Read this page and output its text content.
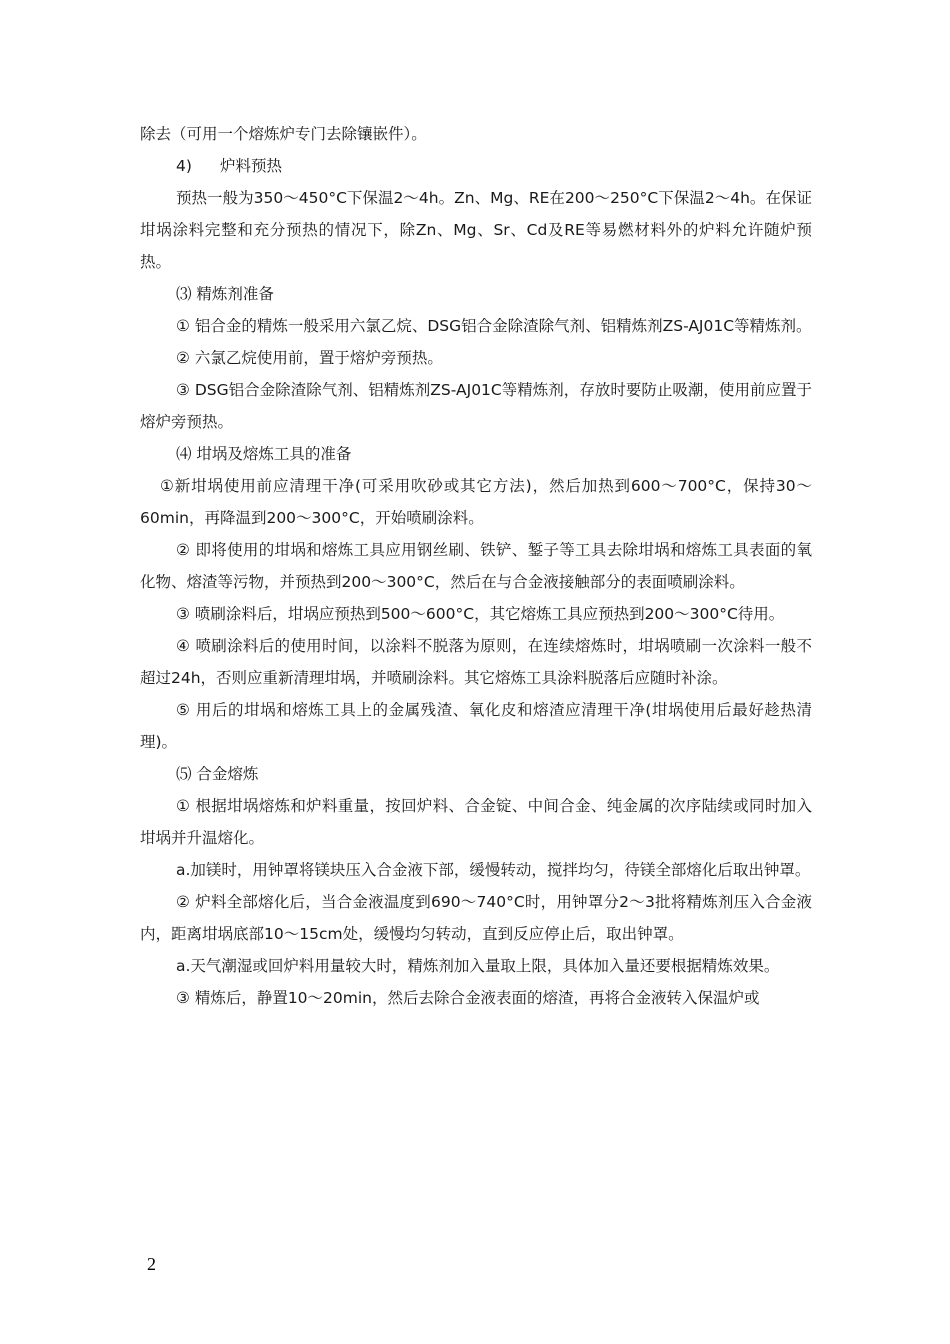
除去（可用一个熔炼炉专门去除镶嵌件）。

4) 炉料预热

预热一般为350～450°C下保温2～4h。Zn、Mg、RE在200～250°C下保温2～4h。在保证坩埚涂料完整和充分预热的情况下，除Zn、Mg、Sr、Cd及RE等易燃材料外的炉料允许随炉预热。

⑶ 精炼剂准备

① 铝合金的精炼一般采用六氯乙烷、DSG铝合金除渣除气剂、铝精炼剂ZS-AJ01C等精炼剂。

② 六氯乙烷使用前，置于熔炉旁预热。

③ DSG铝合金除渣除气剂、铝精炼剂ZS-AJ01C等精炼剂，存放时要防止吸潮，使用前应置于熔炉旁预热。

⑷ 坩埚及熔炼工具的准备

①新坩埚使用前应清理干净(可采用吹砂或其它方法)，然后加热到600～700°C，保持30～60min，再降温到200～300°C，开始喷刷涂料。

② 即将使用的坩埚和熔炼工具应用钢丝刷、铁铲、錾子等工具去除坩埚和熔炼工具表面的氧化物、熔渣等污物，并预热到200～300°C，然后在与合金液接触部分的表面喷刷涂料。

③ 喷刷涂料后，坩埚应预热到500～600°C，其它熔炼工具应预热到200～300°C待用。

④ 喷刷涂料后的使用时间，以涂料不脱落为原则，在连续熔炼时，坩埚喷刷一次涂料一般不超过24h，否则应重新清理坩埚，并喷刷涂料。其它熔炼工具涂料脱落后应随时补涂。

⑤ 用后的坩埚和熔炼工具上的金属残渣、氧化皮和熔渣应清理干净(坩埚使用后最好趁热清理)。

⑸ 合金熔炼

① 根据坩埚熔炼和炉料重量，按回炉料、合金锭、中间合金、纯金属的次序陆续或同时加入坩埚并升温熔化。

a.加镁时，用钟罩将镁块压入合金液下部，缓慢转动，搅拌均匀，待镁全部熔化后取出钟罩。

② 炉料全部熔化后，当合金液温度到690～740°C时，用钟罩分2～3批将精炼剂压入合金液内，距离坩埚底部10～15cm处，缓慢均匀转动，直到反应停止后，取出钟罩。

a.天气潮湿或回炉料用量较大时，精炼剂加入量取上限，具体加入量还要根据精炼效果。

③ 精炼后，静置10～20min，然后去除合金液表面的熔渣，再将合金液转入保温炉或

2
